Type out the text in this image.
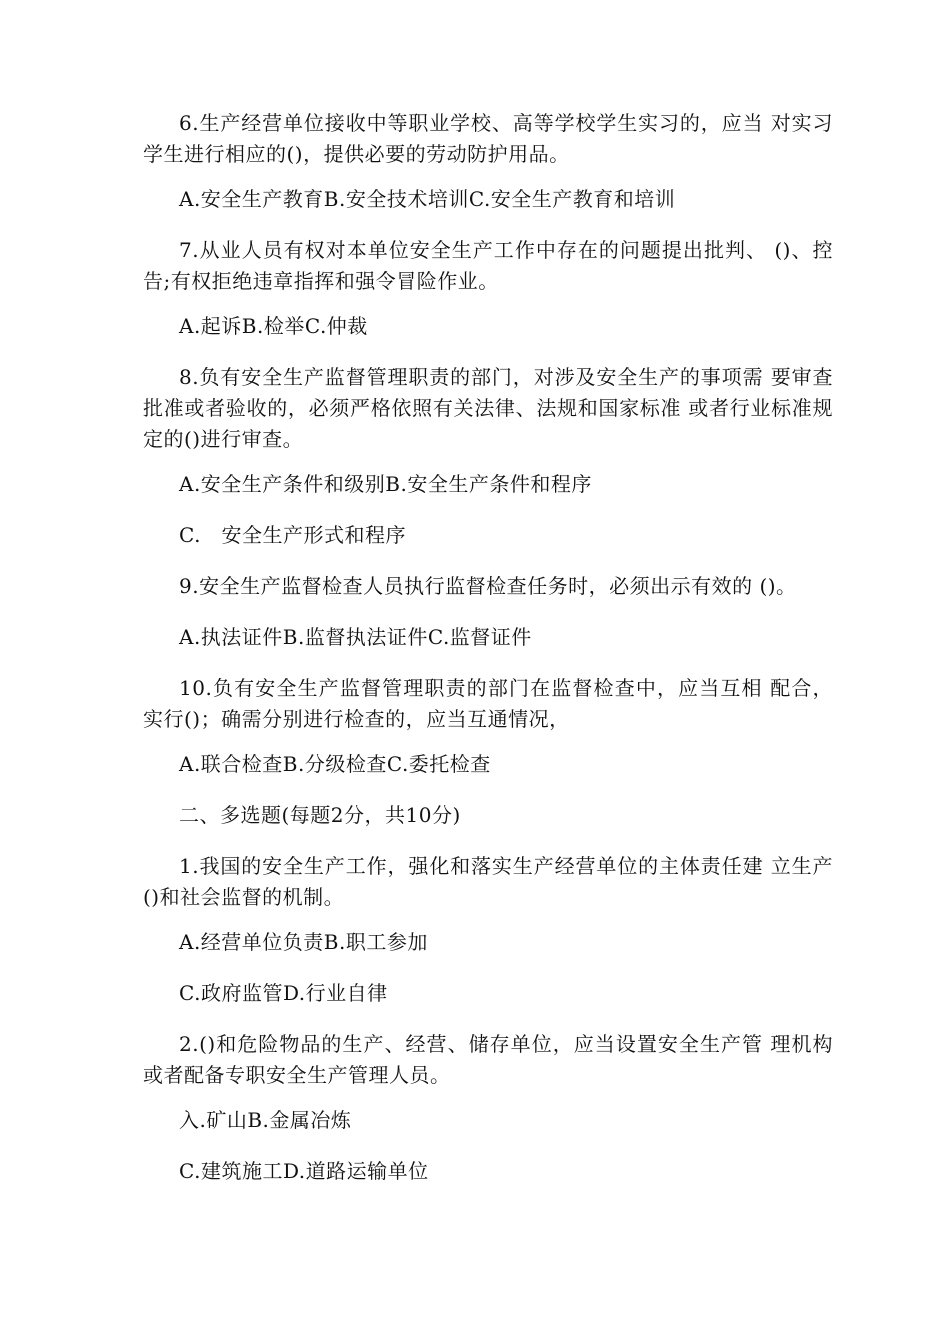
6.生产经营单位接收中等职业学校、高等学校学生实习的，应当 对实习学生进行相应的()，提供必要的劳动防护用品。

A.安全生产教育B.安全技术培训C.安全生产教育和培训

7.从业人员有权对本单位安全生产工作中存在的问题提出批判、 ()、控告;有权拒绝违章指挥和强令冒险作业。

A.起诉B.检举C.仲裁

8.负有安全生产监督管理职责的部门，对涉及安全生产的事项需 要审查批准或者验收的，必须严格依照有关法律、法规和国家标准 或者行业标准规定的()进行审查。

A.安全生产条件和级别B.安全生产条件和程序

C.　安全生产形式和程序

9.安全生产监督检查人员执行监督检查任务时，必须出示有效的 ()。

A.执法证件B.监督执法证件C.监督证件

10.负有安全生产监督管理职责的部门在监督检查中，应当互相 配合，实行()；确需分别进行检查的，应当互通情况，

A.联合检查B.分级检查C.委托检查

二、多选题(每题2分，共10分)

1.我国的安全生产工作，强化和落实生产经营单位的主体责任建 立生产()和社会监督的机制。

A.经营单位负责B.职工参加

C.政府监管D.行业自律

2.()和危险物品的生产、经营、储存单位，应当设置安全生产管 理机构或者配备专职安全生产管理人员。

入.矿山B.金属冶炼

C.建筑施工D.道路运输单位
